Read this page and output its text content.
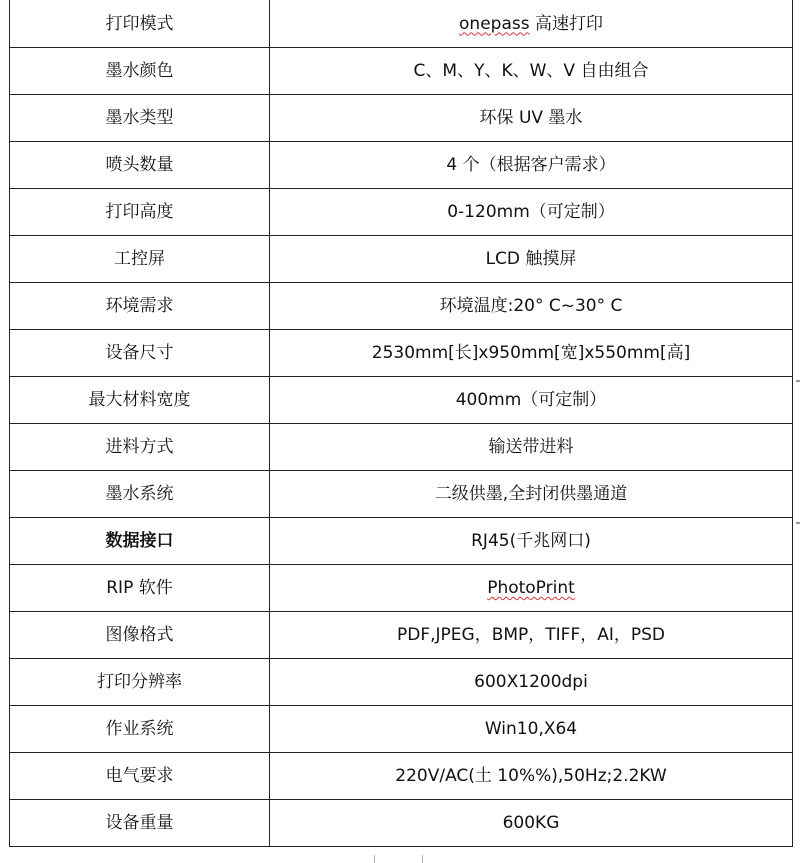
打印模式	onepass 高速打印
墨水颜色	C、M、Y、K、W、V 自由组合
墨水类型	环保 UV 墨水
喷头数量	4 个（根据客户需求）
打印高度	0-120mm（可定制）
工控屏	LCD 触摸屏
环境需求	环境温度:20° C~30° C
设备尺寸	2530mm[长]x950mm[宽]x550mm[高]
最大材料宽度	400mm（可定制）
进料方式	输送带进料
墨水系统	二级供墨,全封闭供墨通道
数据接口	RJ45(千兆网口)
RIP 软件	PhotoPrint
图像格式	PDF,JPEG，BMP，TIFF，AI，PSD
打印分辨率	600X1200dpi
作业系统	Win10,X64
电气要求	220V/AC(土 10%%),50Hz;2.2KW
设备重量	600KG
